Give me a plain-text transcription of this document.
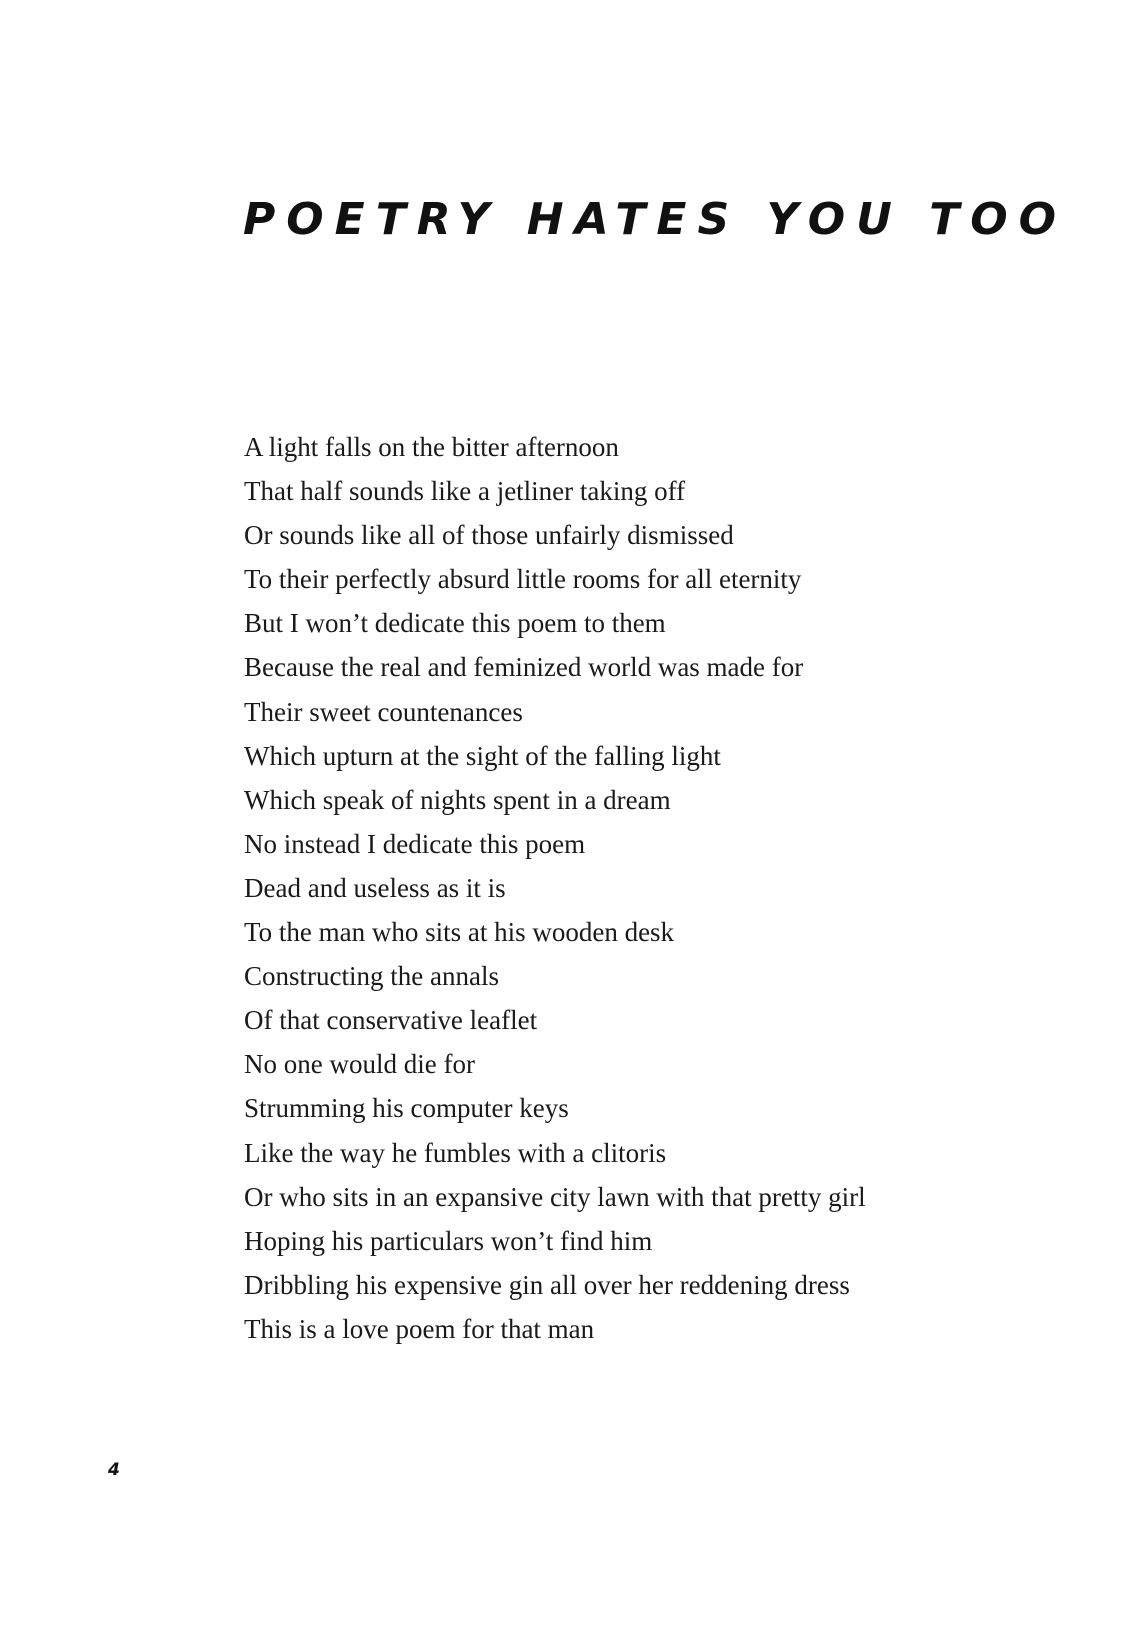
POETRY HATES YOU TOO
A light falls on the bitter afternoon
That half sounds like a jetliner taking off
Or sounds like all of those unfairly dismissed
To their perfectly absurd little rooms for all eternity
But I won’t dedicate this poem to them
Because the real and feminized world was made for
Their sweet countenances
Which upturn at the sight of the falling light
Which speak of nights spent in a dream
No instead I dedicate this poem
Dead and useless as it is
To the man who sits at his wooden desk
Constructing the annals
Of that conservative leaflet
No one would die for
Strumming his computer keys
Like the way he fumbles with a clitoris
Or who sits in an expansive city lawn with that pretty girl
Hoping his particulars won’t find him
Dribbling his expensive gin all over her reddening dress
This is a love poem for that man
4
